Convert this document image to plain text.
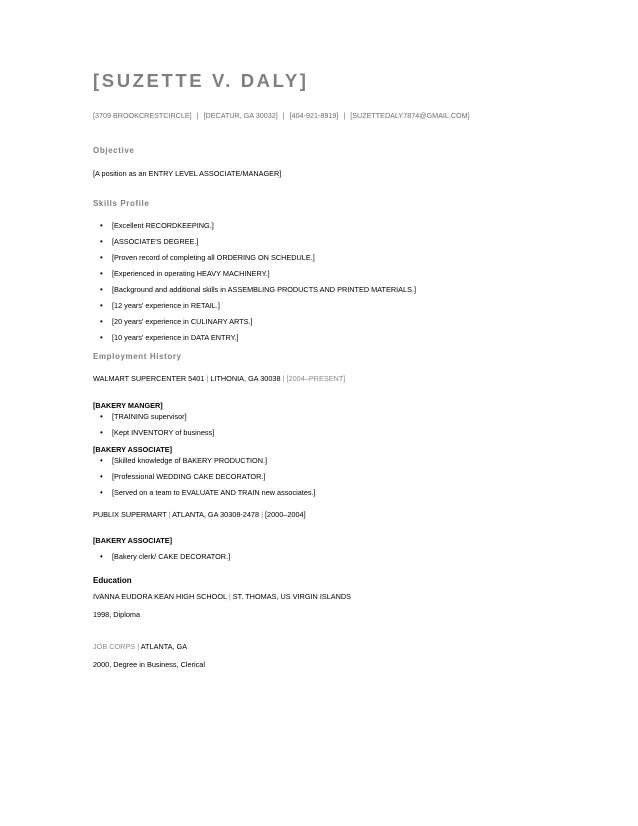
[SUZETTE V. DALY]
[3709 BROOKCRESTCIRCLE] | [DECATUR, GA 30032] | [404-921-8919] | [SUZETTEDALY7874@GMAIL.COM]
Objective
[A position as an ENTRY LEVEL ASSOCIATE/MANAGER]
Skills Profile
• [Excellent RECORDKEEPING.]
• [ASSOCIATE'S DEGREE.]
• [Proven record of completing all ORDERING ON SCHEDULE.]
• [Experienced in operating HEAVY MACHINERY.]
• [Background and additional skills in ASSEMBLING PRODUCTS AND PRINTED MATERIALS.]
• [12 years' experience in RETAIL.]
• [20 years' experience in CULINARY ARTS.]
• [10 years' experience in DATA ENTRY.]
Employment History
WALMART SUPERCENTER 5401 | LITHONIA, GA 30038 | [2004–PRESENT]
[BAKERY MANGER]
• [TRAINING supervisor]
• [Kept INVENTORY of business]
[BAKERY ASSOCIATE]
• [Skilled knowledge of BAKERY PRODUCTION.]
• [Professional WEDDING CAKE DECORATOR.]
• [Served on a team to EVALUATE AND TRAIN new associates.]
PUBLIX SUPERMART | ATLANTA, GA 30308-2478 | [2000–2004]
[BAKERY ASSOCIATE]
• [Bakery clerk/ CAKE DECORATOR.]
Education
IVANNA EUDORA KEAN HIGH SCHOOL | ST. THOMAS, US VIRGIN ISLANDS
1998, Diploma
JOB CORPS | ATLANTA, GA
2000, Degree in Business, Clerical
